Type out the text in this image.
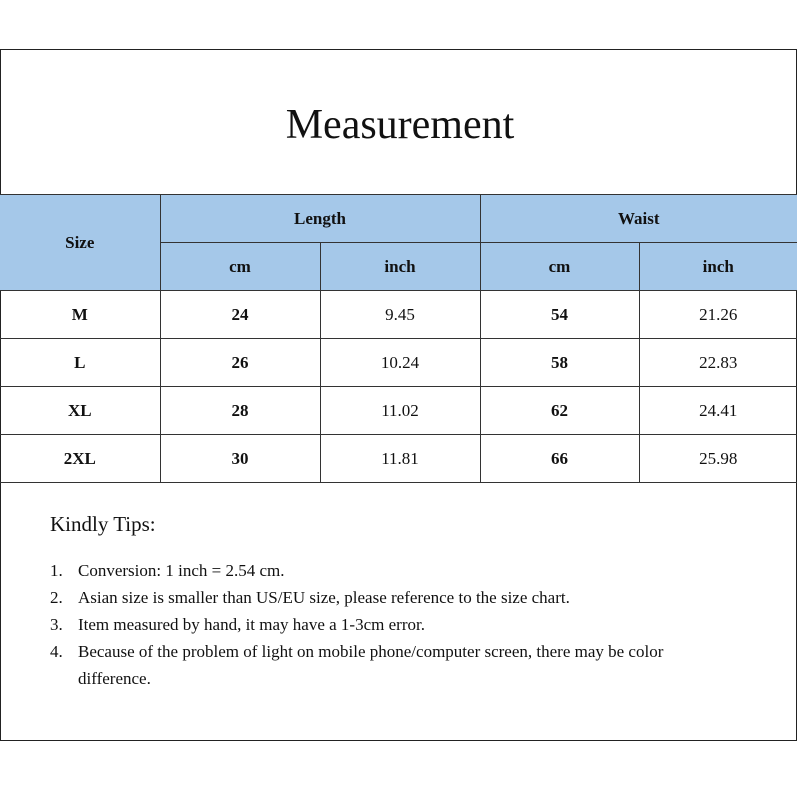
Measurement
Size	Length		Waist	
	cm	inch	cm	inch
M	24	9.45	54	21.26
L	26	10.24	58	22.83
XL	28	11.02	62	24.41
2XL	30	11.81	66	25.98
Kindly Tips:
1. Conversion: 1 inch = 2.54 cm.
2. Asian size is smaller than US/EU size, please reference to the size chart.
3. Item measured by hand, it may have a 1-3cm error.
4. Because of the problem of light on mobile phone/computer screen, there may be color difference.
